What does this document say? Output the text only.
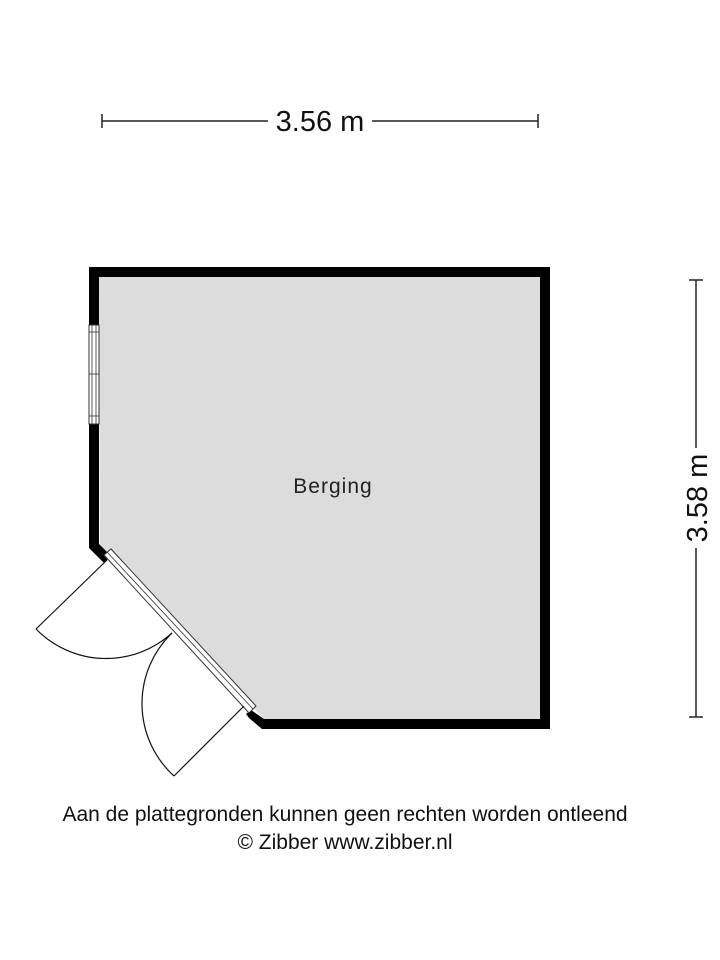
3.56 m
3.58 m
Berging
Aan de plattegronden kunnen geen rechten worden ontleend
© Zibber www.zibber.nl
